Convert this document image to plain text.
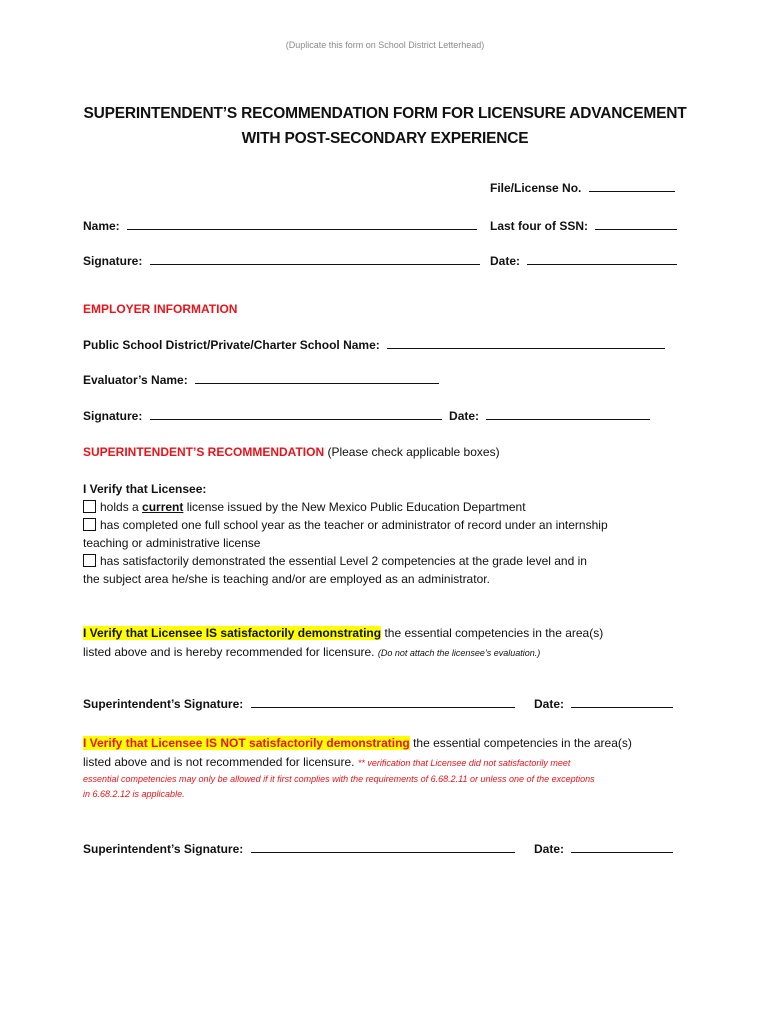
(Duplicate this form on School District Letterhead)
SUPERINTENDENT’S RECOMMENDATION FORM FOR LICENSURE ADVANCEMENT
WITH POST-SECONDARY EXPERIENCE
File/License No.
Name:	Last four of SSN:
Signature:	Date:
EMPLOYER INFORMATION
Public School District/Private/Charter School Name:
Evaluator’s Name:
Signature:	Date:
SUPERINTENDENT’S RECOMMENDATION (Please check applicable boxes)
I Verify that Licensee:
holds a current license issued by the New Mexico Public Education Department
has completed one full school year as the teacher or administrator of record under an internship
teaching or administrative license
has satisfactorily demonstrated the essential Level 2 competencies at the grade level and in
the subject area he/she is teaching and/or are employed as an administrator.
I Verify that Licensee IS satisfactorily demonstrating the essential competencies in the area(s)
listed above and is hereby recommended for licensure. (Do not attach the licensee’s evaluation.)
Superintendent’s Signature:	Date:
I Verify that Licensee IS NOT satisfactorily demonstrating the essential competencies in the area(s)
listed above and is not recommended for licensure. ** verification that Licensee did not satisfactorily meet
essential competencies may only be allowed if it first complies with the requirements of 6.68.2.11 or unless one of the exceptions
in 6.68.2.12 is applicable.
Superintendent’s Signature:	Date:
